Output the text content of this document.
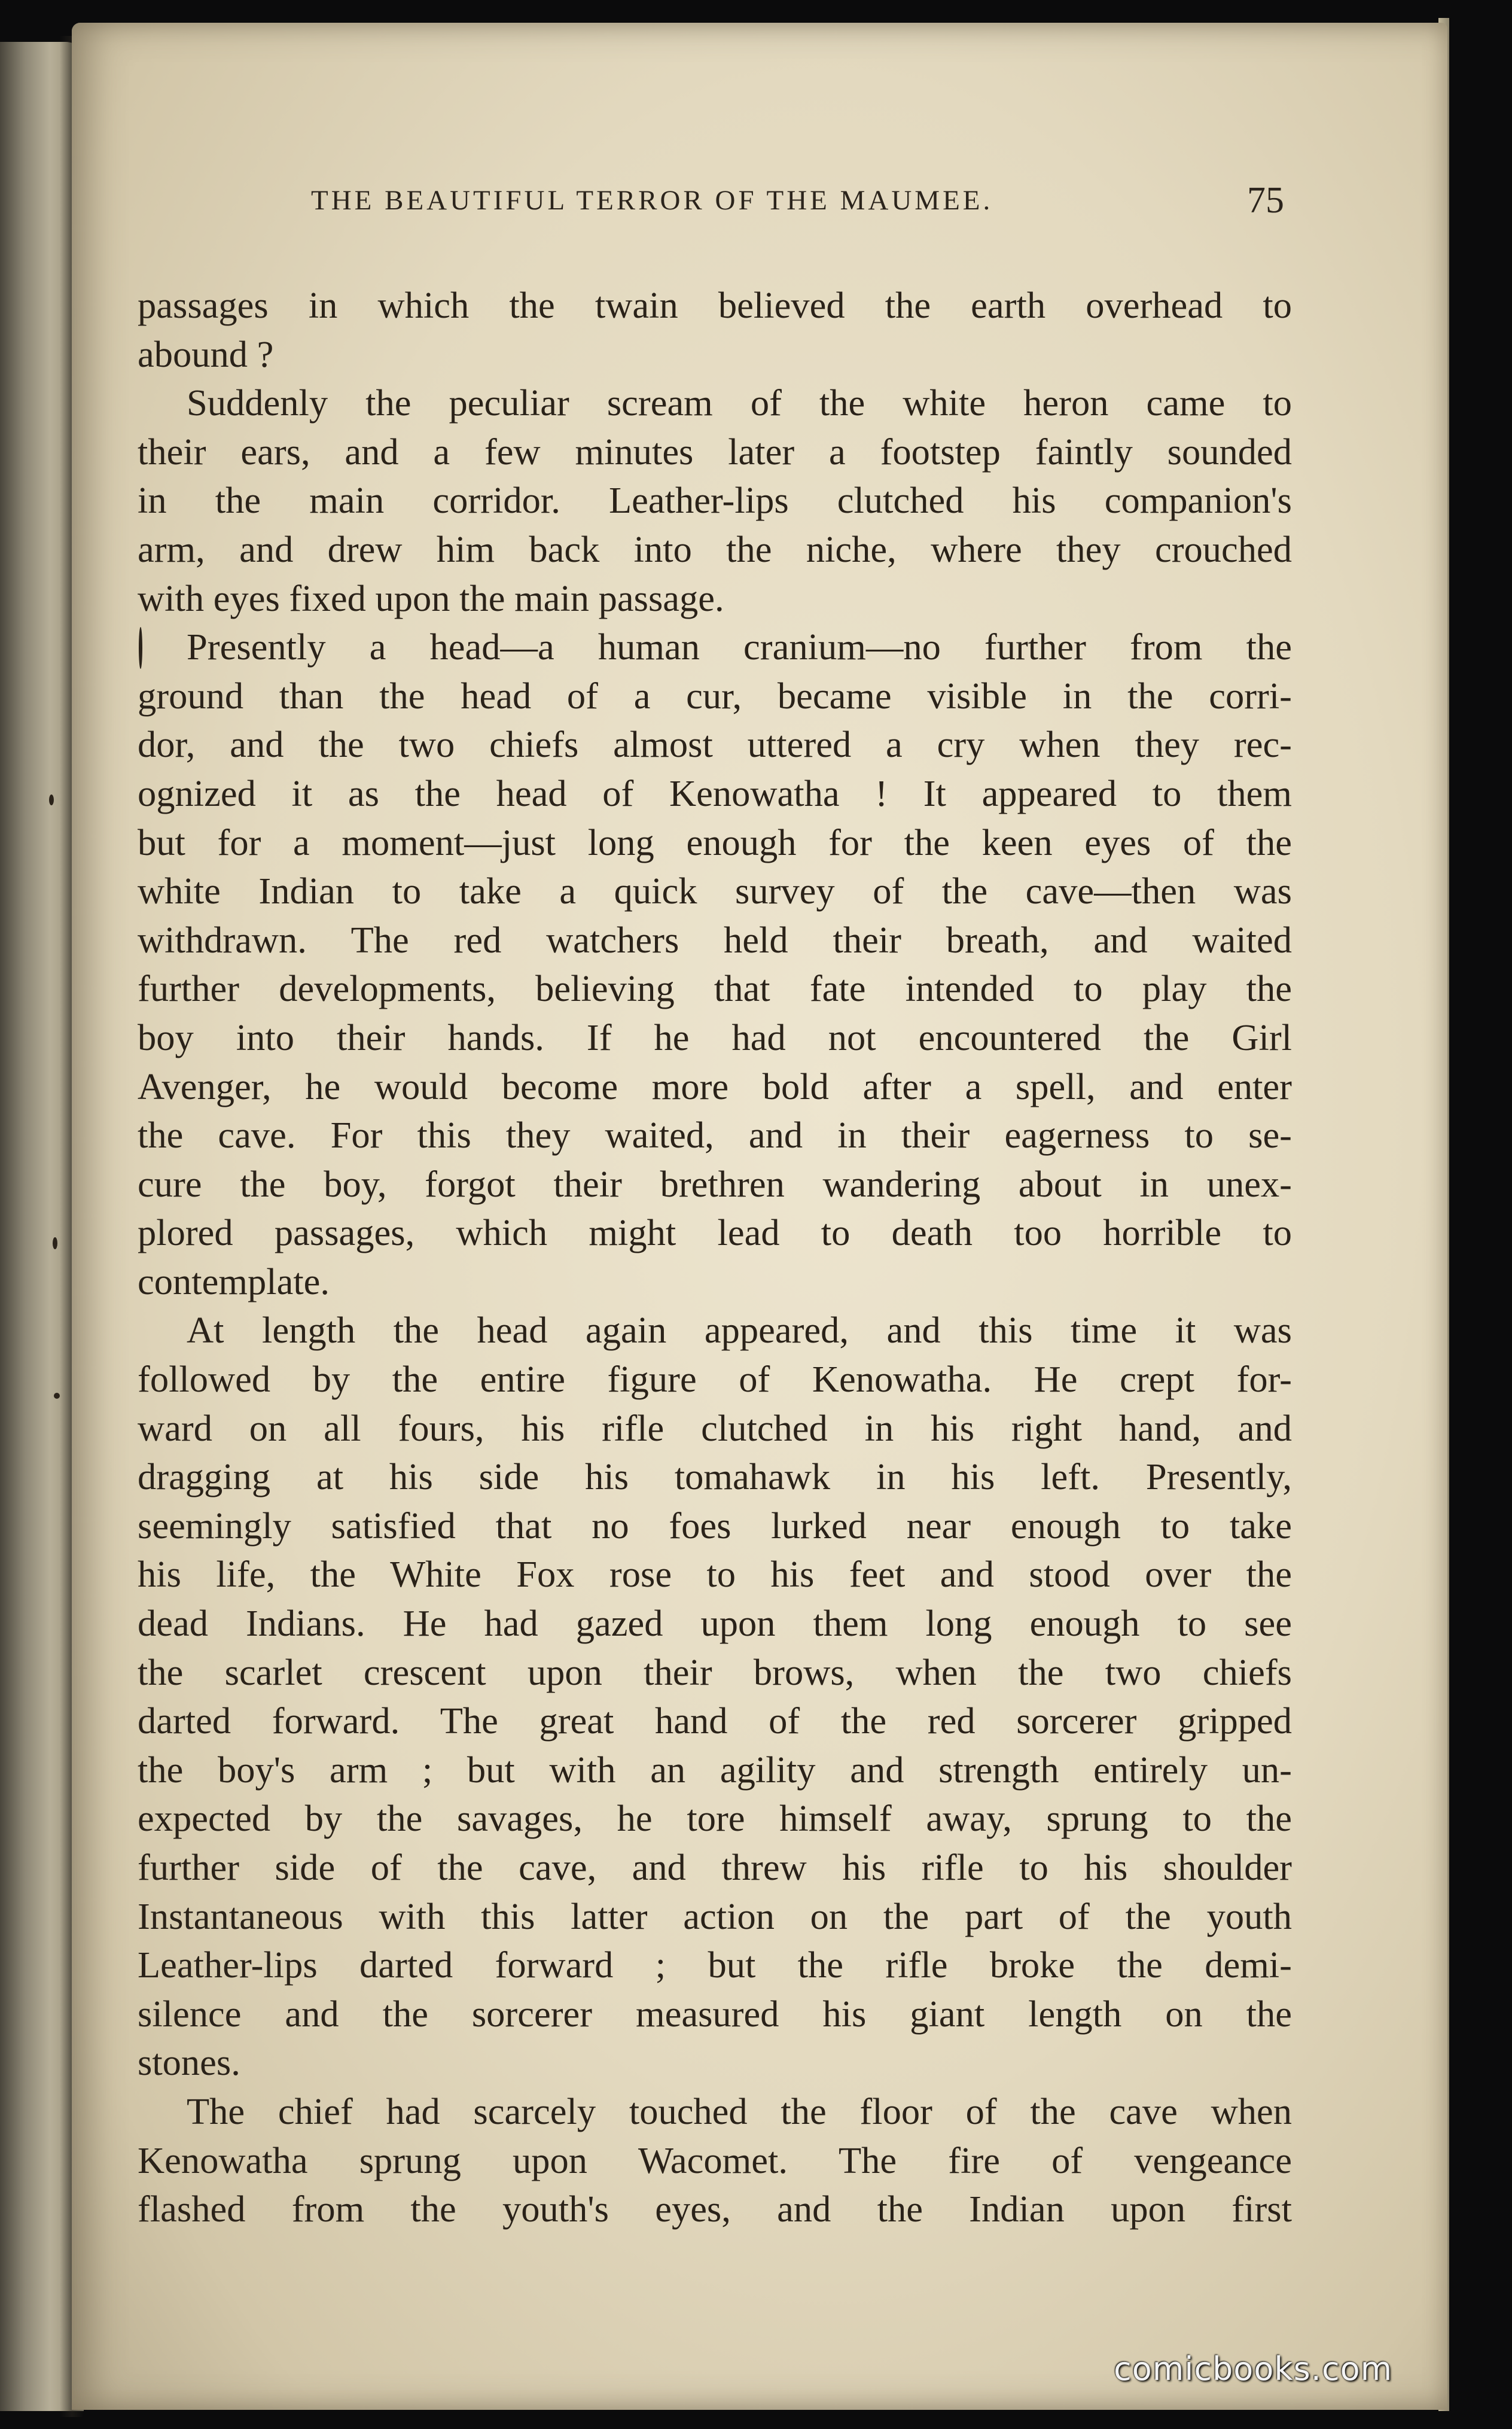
THE BEAUTIFUL TERROR OF THE MAUMEE.	75
passages in which the twain believed the earth overhead to
abound ?
Suddenly the peculiar scream of the white heron came to
their ears, and a few minutes later a footstep faintly sounded
in the main corridor. Leather-lips clutched his companion's
arm, and drew him back into the niche, where they crouched
with eyes fixed upon the main passage.
Presently a head—a human cranium—no further from the
ground than the head of a cur, became visible in the corri-
dor, and the two chiefs almost uttered a cry when they rec-
ognized it as the head of Kenowatha ! It appeared to them
but for a moment—just long enough for the keen eyes of the
white Indian to take a quick survey of the cave—then was
withdrawn. The red watchers held their breath, and waited
further developments, believing that fate intended to play the
boy into their hands. If he had not encountered the Girl
Avenger, he would become more bold after a spell, and enter
the cave. For this they waited, and in their eagerness to se-
cure the boy, forgot their brethren wandering about in unex-
plored passages, which might lead to death too horrible to
contemplate.
At length the head again appeared, and this time it was
followed by the entire figure of Kenowatha. He crept for-
ward on all fours, his rifle clutched in his right hand, and
dragging at his side his tomahawk in his left. Presently,
seemingly satisfied that no foes lurked near enough to take
his life, the White Fox rose to his feet and stood over the
dead Indians. He had gazed upon them long enough to see
the scarlet crescent upon their brows, when the two chiefs
darted forward. The great hand of the red sorcerer gripped
the boy's arm ; but with an agility and strength entirely un-
expected by the savages, he tore himself away, sprung to the
further side of the cave, and threw his rifle to his shoulder
Instantaneous with this latter action on the part of the youth
Leather-lips darted forward ; but the rifle broke the demi-
silence and the sorcerer measured his giant length on the
stones.
The chief had scarcely touched the floor of the cave when
Kenowatha sprung upon Wacomet. The fire of vengeance
flashed from the youth's eyes, and the Indian upon first
comicbooks.com
